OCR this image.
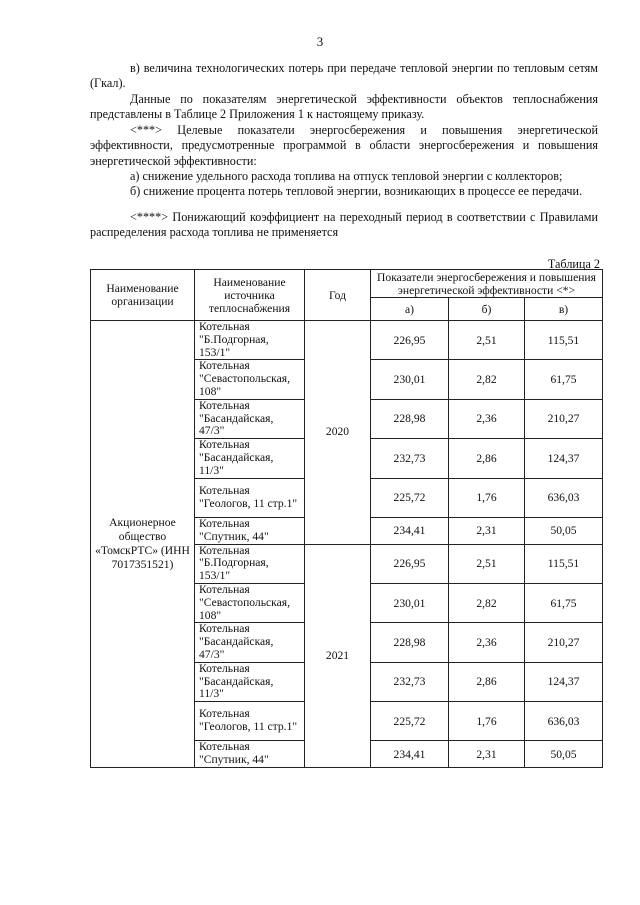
3

в) величина технологических потерь при передаче тепловой энергии по тепловым сетям (Гкал).

Данные по показателям энергетической эффективности объектов теплоснабжения представлены в Таблице 2 Приложения 1 к настоящему приказу.

<***> Целевые показатели энергосбережения и повышения энергетической эффективности, предусмотренные программой в области энергосбережения и повышения энергетической эффективности:

а) снижение удельного расхода топлива на отпуск тепловой энергии с коллекторов;

б) снижение процента потерь тепловой энергии, возникающих в процессе ее передачи.

<****> Понижающий коэффициент на переходный период в соответствии с Правилами распределения расхода топлива не применяется

Таблица 2
Наименование организации	Наименование источника теплоснабжения	Год	Показатели энергосбережения и повышения энергетической эффективности <*>		
			а)	б)	в)
Акционерное общество «ТомскРТС» (ИНН 7017351521)	Котельная "Б.Подгорная, 153/1"	2020	226,95	2,51	115,51
	Котельная "Севастопольская, 108"		230,01	2,82	61,75
	Котельная "Басандайская, 47/3"		228,98	2,36	210,27
	Котельная "Басандайская, 11/3"		232,73	2,86	124,37
	Котельная "Геологов, 11 стр.1"		225,72	1,76	636,03
	Котельная "Спутник, 44"		234,41	2,31	50,05
	Котельная "Б.Подгорная, 153/1"	2021	226,95	2,51	115,51
	Котельная "Севастопольская, 108"		230,01	2,82	61,75
	Котельная "Басандайская, 47/3"		228,98	2,36	210,27
	Котельная "Басандайская, 11/3"		232,73	2,86	124,37
	Котельная "Геологов, 11 стр.1"		225,72	1,76	636,03
	Котельная "Спутник, 44"		234,41	2,31	50,05
